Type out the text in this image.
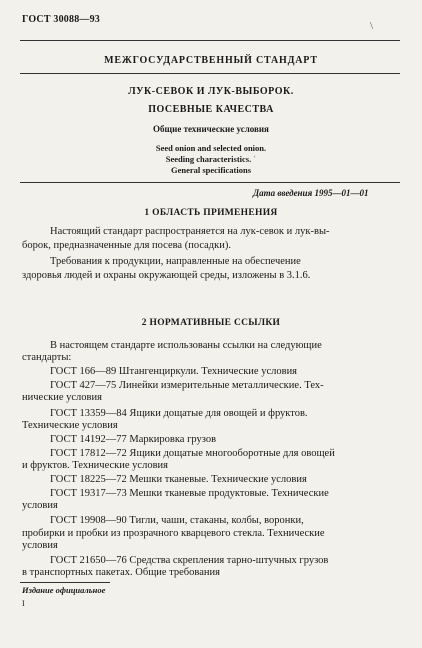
ГОСТ 30088—93
\
МЕЖГОСУДАРСТВЕННЫЙ СТАНДАРТ
ЛУК-СЕВОК И ЛУК-ВЫБОРОК.
ПОСЕВНЫЕ КАЧЕСТВА
Общие технические условия
Seed onion and selected onion.
Seeding characteristics. ʿ
General specifications
Дата введения 1995—01—01
1 ОБЛАСТЬ ПРИМЕНЕНИЯ
Настоящий стандарт распространяется на лук-севок и лук-вы-
борок, предназначенные для посева (посадки).
Требования к продукции, направленные на обеспечение
здоровья людей и охраны окружающей среды, изложены в 3.1.6.
2 НОРМАТИВНЫЕ ССЫЛКИ
В настоящем стандарте использованы ссылки на следующие
стандарты:
ГОСТ 166—89 Штангенциркули. Технические условия
ГОСТ 427—75 Линейки измерительные металлические. Тех-
нические условия
ГОСТ 13359—84 Ящики дощатые для овощей и фруктов.
Технические условия
ГОСТ 14192—77 Маркировка грузов
ГОСТ 17812—72 Ящики дощатые многооборотные для овощей
и фруктов. Технические условия
ГОСТ 18225—72 Мешки тканевые. Технические условия
ГОСТ 19317—73 Мешки тканевые продуктовые. Технические
условия
ГОСТ 19908—90 Тигли, чаши, стаканы, колбы, воронки,
пробирки и пробки из прозрачного кварцевого стекла. Технические
условия
ГОСТ 21650—76 Средства скрепления тарно-штучных грузов
в транспортных пакетах. Общие требования
Издание официальное
I
